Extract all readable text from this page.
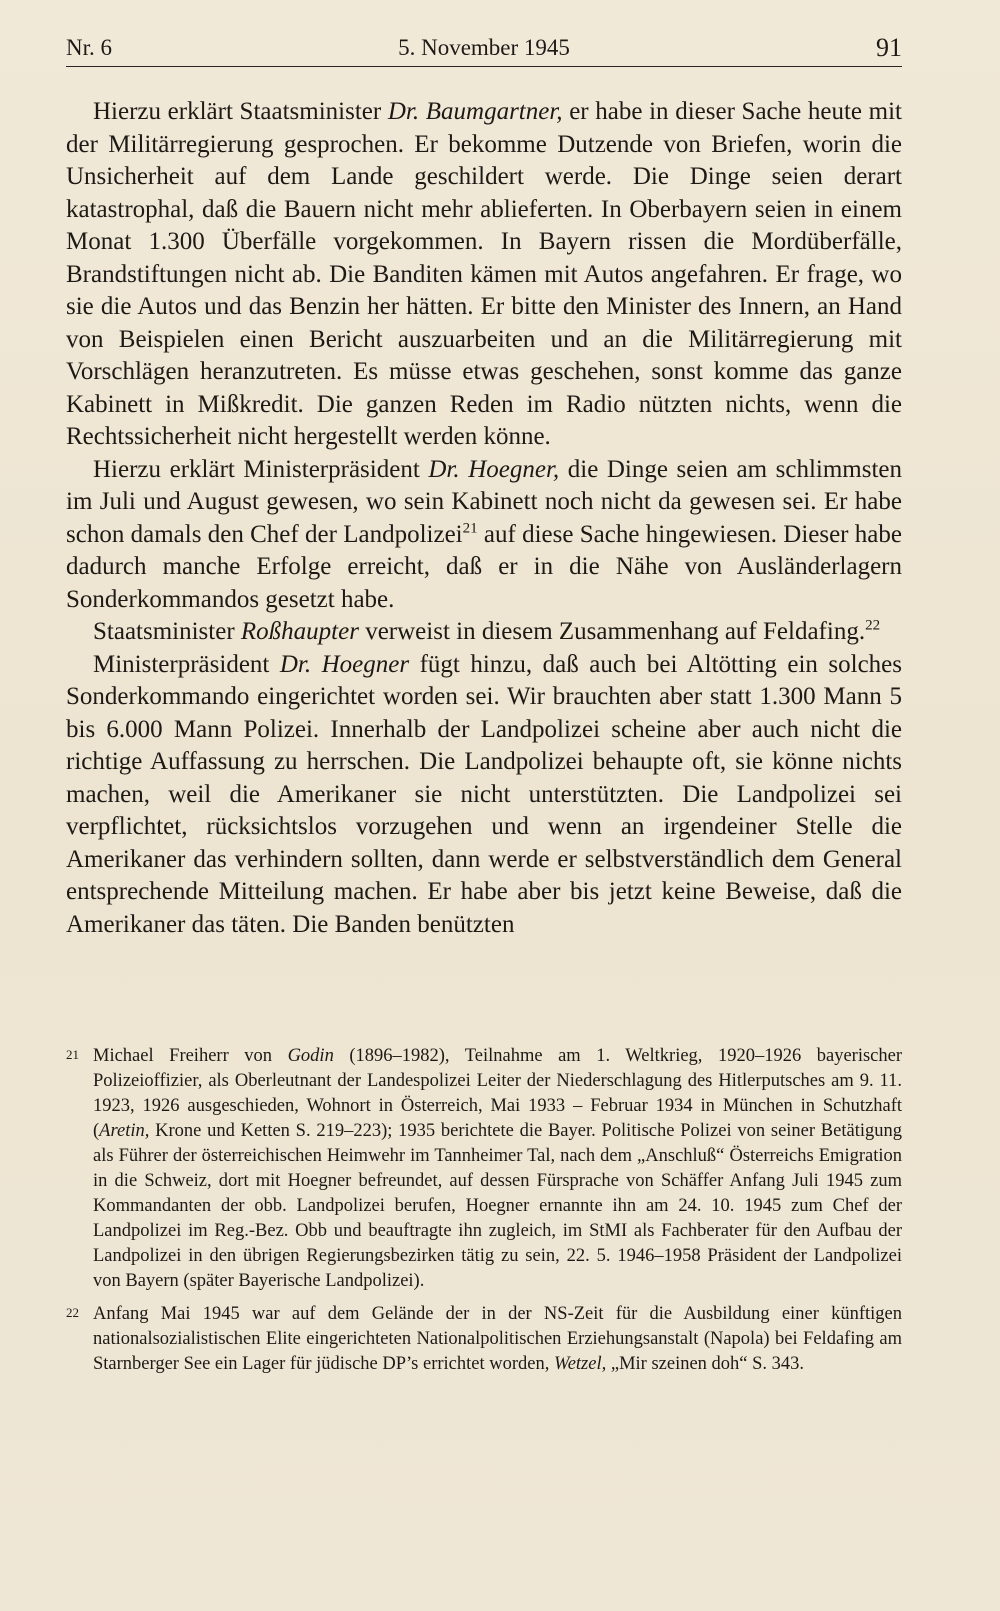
Nr. 6	5. November 1945	91

Hierzu erklärt Staatsminister Dr. Baumgartner, er habe in dieser Sache heute mit der Militärregierung gesprochen. Er bekomme Dutzende von Briefen, worin die Unsicherheit auf dem Lande geschildert werde. Die Dinge seien derart katastrophal, daß die Bauern nicht mehr ablieferten. In Oberbayern seien in einem Monat 1.300 Überfälle vorgekommen. In Bayern rissen die Mordüberfälle, Brandstiftungen nicht ab. Die Banditen kämen mit Autos angefahren. Er frage, wo sie die Autos und das Benzin her hätten. Er bitte den Minister des Innern, an Hand von Beispielen einen Bericht auszuarbeiten und an die Militärregierung mit Vorschlägen heranzutreten. Es müsse etwas geschehen, sonst komme das ganze Kabinett in Mißkredit. Die ganzen Reden im Radio nützten nichts, wenn die Rechtssicherheit nicht hergestellt werden könne.

Hierzu erklärt Ministerpräsident Dr. Hoegner, die Dinge seien am schlimmsten im Juli und August gewesen, wo sein Kabinett noch nicht da gewesen sei. Er habe schon damals den Chef der Landpolizei$^{21}$ auf diese Sache hingewiesen. Dieser habe dadurch manche Erfolge erreicht, daß er in die Nähe von Ausländerlagern Sonderkommandos gesetzt habe.

Staatsminister Roßhaupter verweist in diesem Zusammenhang auf Feldafing.$^{22}$

Ministerpräsident Dr. Hoegner fügt hinzu, daß auch bei Altötting ein solches Sonderkommando eingerichtet worden sei. Wir brauchten aber statt 1.300 Mann 5 bis 6.000 Mann Polizei. Innerhalb der Landpolizei scheine aber auch nicht die richtige Auffassung zu herrschen. Die Landpolizei behaupte oft, sie könne nichts machen, weil die Amerikaner sie nicht unterstützten. Die Landpolizei sei verpflichtet, rücksichtslos vorzugehen und wenn an irgendeiner Stelle die Amerikaner das verhindern sollten, dann werde er selbstverständlich dem General entsprechende Mitteilung machen. Er habe aber bis jetzt keine Beweise, daß die Amerikaner das täten. Die Banden benützten

21 Michael Freiherr von Godin (1896–1982), Teilnahme am 1. Weltkrieg, 1920–1926 bayerischer Polizeioffizier, als Oberleutnant der Landespolizei Leiter der Niederschlagung des Hitlerputsches am 9. 11. 1923, 1926 ausgeschieden, Wohnort in Österreich, Mai 1933 – Februar 1934 in München in Schutzhaft (Aretin, Krone und Ketten S. 219–223); 1935 berichtete die Bayer. Politische Polizei von seiner Betätigung als Führer der österreichischen Heimwehr im Tannheimer Tal, nach dem „Anschluß“ Österreichs Emigration in die Schweiz, dort mit Hoegner befreundet, auf dessen Fürsprache von Schäffer Anfang Juli 1945 zum Kommandanten der obb. Landpolizei berufen, Hoegner ernannte ihn am 24. 10. 1945 zum Chef der Landpolizei im Reg.-Bez. Obb und beauftragte ihn zugleich, im StMI als Fachberater für den Aufbau der Landpolizei in den übrigen Regierungsbezirken tätig zu sein, 22. 5. 1946–1958 Präsident der Landpolizei von Bayern (später Bayerische Landpolizei).
22 Anfang Mai 1945 war auf dem Gelände der in der NS-Zeit für die Ausbildung einer künftigen nationalsozialistischen Elite eingerichteten Nationalpolitischen Erziehungsanstalt (Napola) bei Feldafing am Starnberger See ein Lager für jüdische DP’s errichtet worden, Wetzel, „Mir szeinen doh“ S. 343.
